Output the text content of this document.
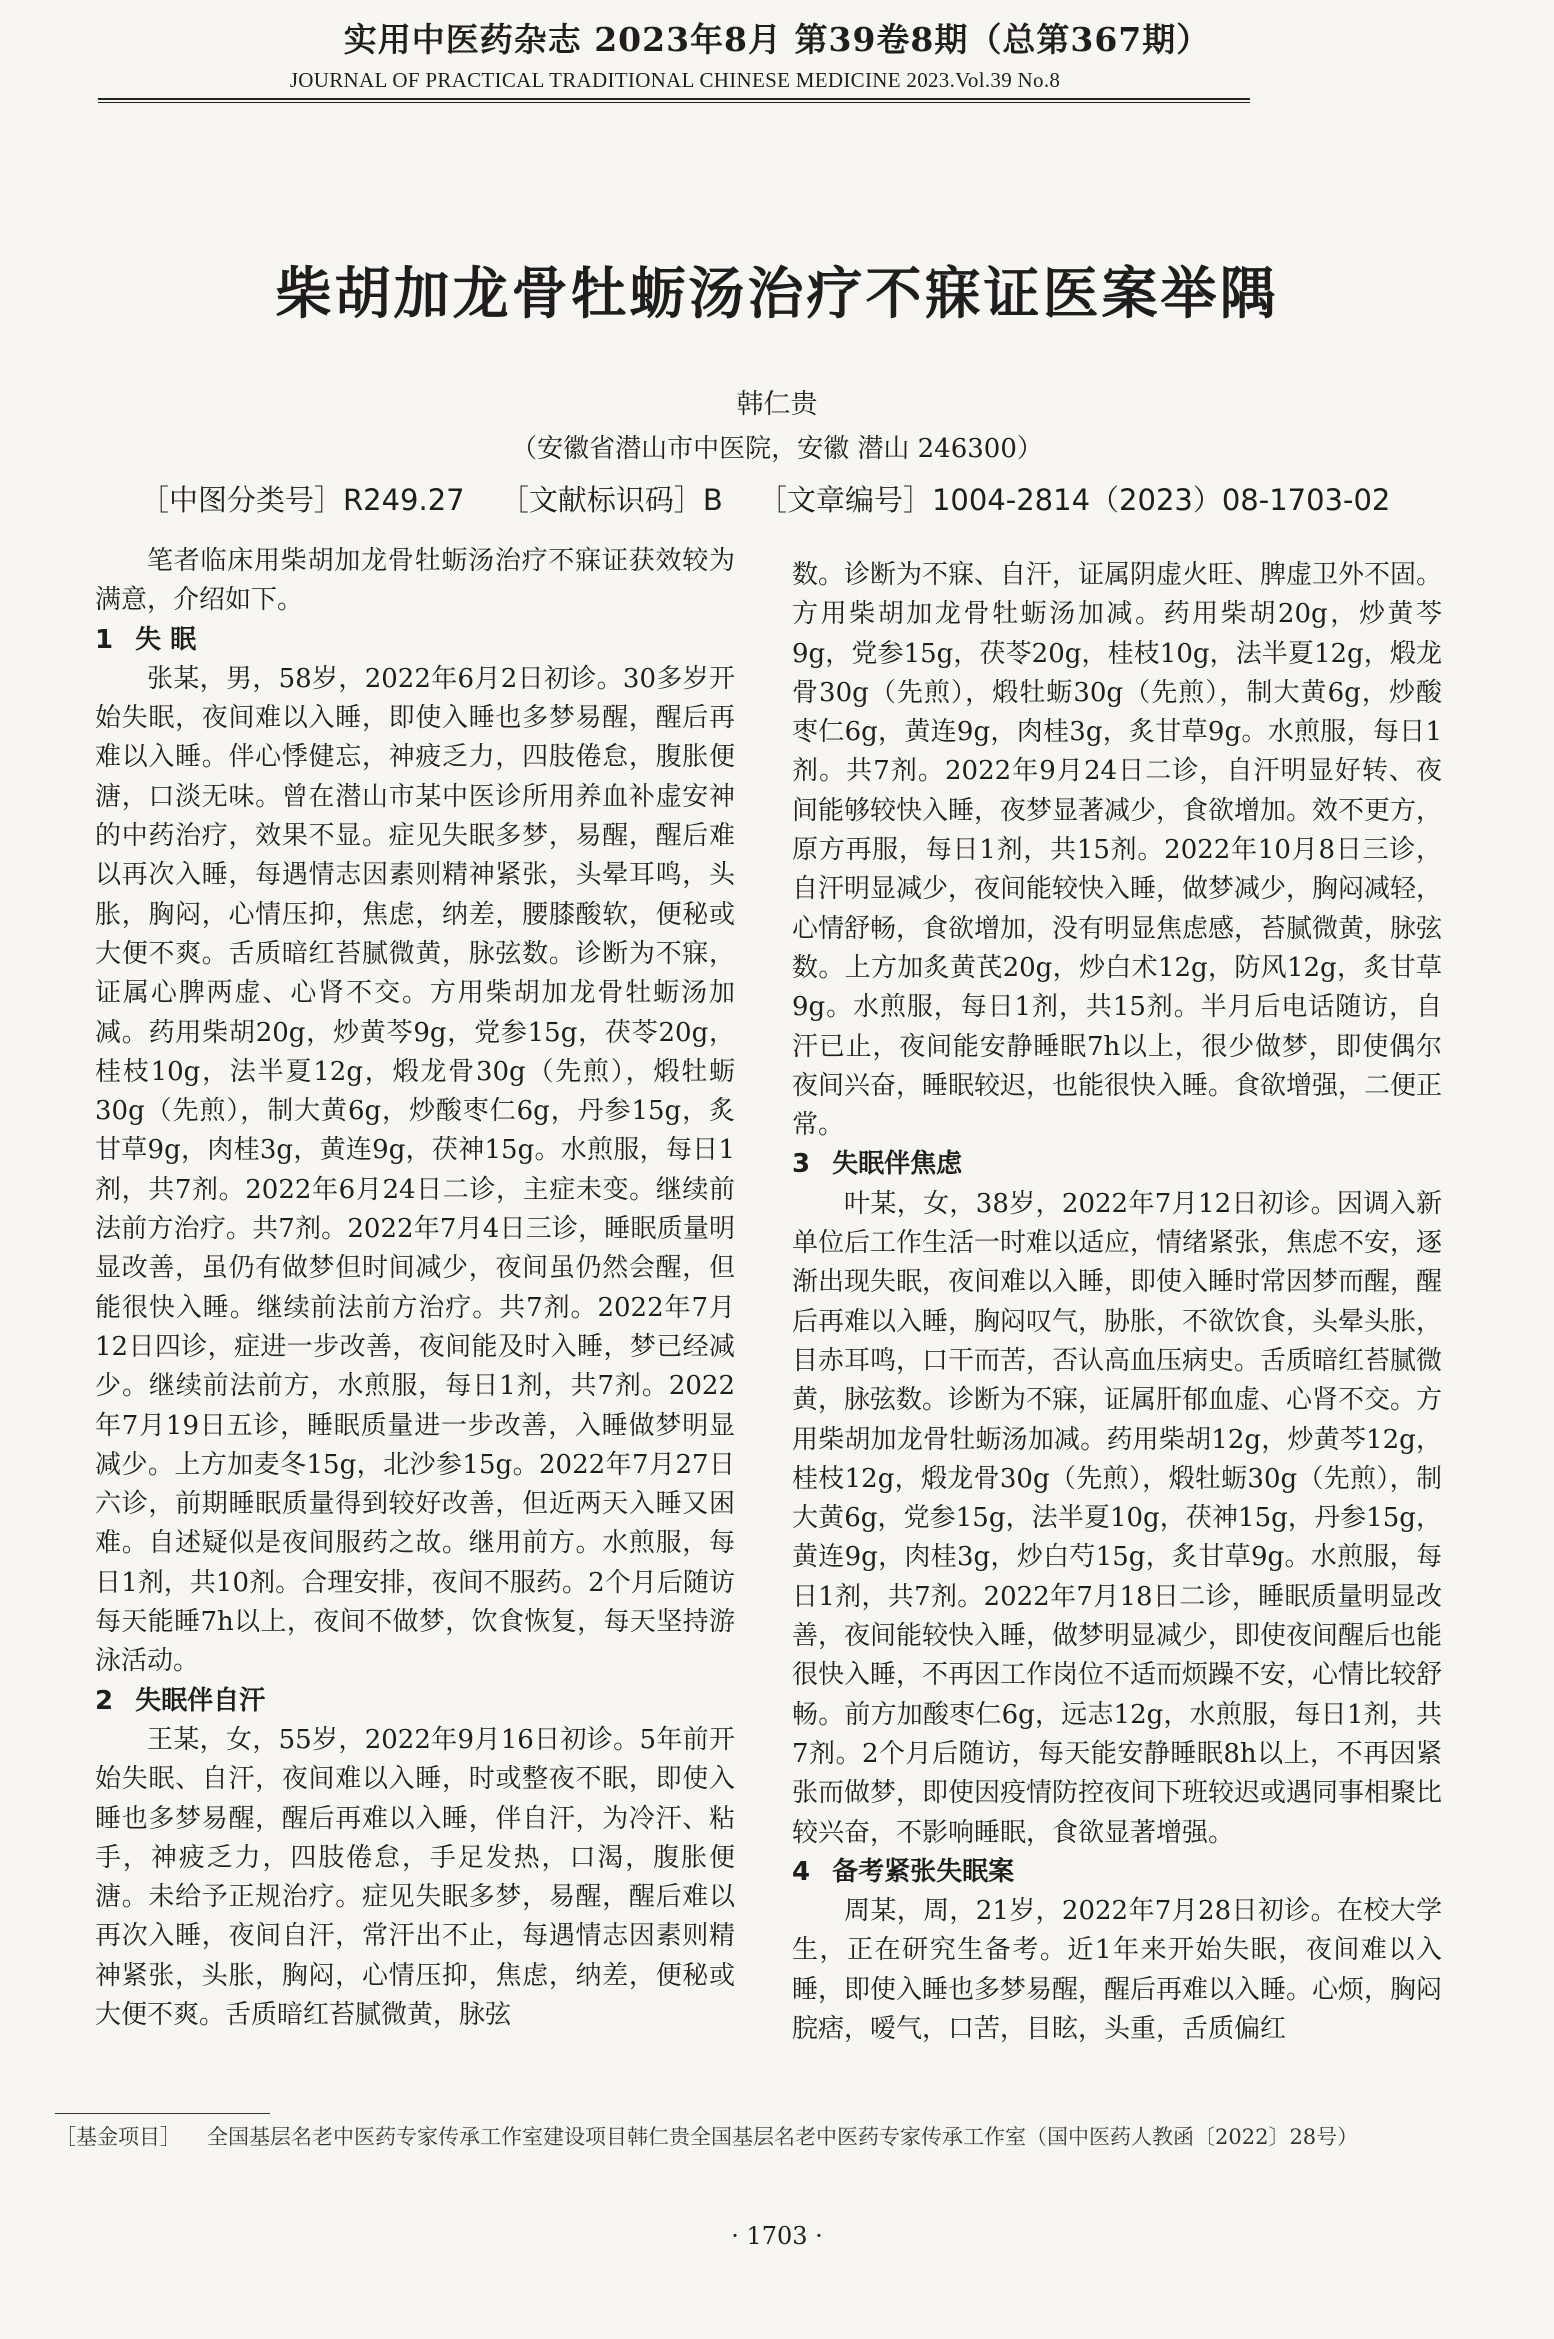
实用中医药杂志 2023年8月 第39卷8期（总第367期）
JOURNAL OF PRACTICAL TRADITIONAL CHINESE MEDICINE 2023.Vol.39 No.8
柴胡加龙骨牡蛎汤治疗不寐证医案举隅
韩仁贵
（安徽省潜山市中医院，安徽 潜山 246300）
［中图分类号］R249.27 ［文献标识码］B ［文章编号］1004-2814（2023）08-1703-02

笔者临床用柴胡加龙骨牡蛎汤治疗不寐证获效较为满意，介绍如下。

1 失 眠

张某，男，58岁，2022年6月2日初诊。30多岁开始失眠，夜间难以入睡，即使入睡也多梦易醒，醒后再难以入睡。伴心悸健忘，神疲乏力，四肢倦怠，腹胀便溏，口淡无味。曾在潜山市某中医诊所用养血补虚安神的中药治疗，效果不显。症见失眠多梦，易醒，醒后难以再次入睡，每遇情志因素则精神紧张，头晕耳鸣，头胀，胸闷，心情压抑，焦虑，纳差，腰膝酸软，便秘或大便不爽。舌质暗红苔腻微黄，脉弦数。诊断为不寐，证属心脾两虚、心肾不交。方用柴胡加龙骨牡蛎汤加减。药用柴胡20g，炒黄芩9g，党参15g，茯苓20g，桂枝10g，法半夏12g，煅龙骨30g（先煎），煅牡蛎30g（先煎），制大黄6g，炒酸枣仁6g，丹参15g，炙甘草9g，肉桂3g，黄连9g，茯神15g。水煎服，每日1剂，共7剂。2022年6月24日二诊，主症未变。继续前法前方治疗。共7剂。2022年7月4日三诊，睡眠质量明显改善，虽仍有做梦但时间减少，夜间虽仍然会醒，但能很快入睡。继续前法前方治疗。共7剂。2022年7月12日四诊，症进一步改善，夜间能及时入睡，梦已经减少。继续前法前方，水煎服，每日1剂，共7剂。2022年7月19日五诊，睡眠质量进一步改善，入睡做梦明显减少。上方加麦冬15g，北沙参15g。2022年7月27日六诊，前期睡眠质量得到较好改善，但近两天入睡又困难。自述疑似是夜间服药之故。继用前方。水煎服，每日1剂，共10剂。合理安排，夜间不服药。2个月后随访每天能睡7h以上，夜间不做梦，饮食恢复，每天坚持游泳活动。

2 失眠伴自汗

王某，女，55岁，2022年9月16日初诊。5年前开始失眠、自汗，夜间难以入睡，时或整夜不眠，即使入睡也多梦易醒，醒后再难以入睡，伴自汗，为冷汗、粘手，神疲乏力，四肢倦怠，手足发热，口渴，腹胀便溏。未给予正规治疗。症见失眠多梦，易醒，醒后难以再次入睡，夜间自汗，常汗出不止，每遇情志因素则精神紧张，头胀，胸闷，心情压抑，焦虑，纳差，便秘或大便不爽。舌质暗红苔腻微黄，脉弦

数。诊断为不寐、自汗，证属阴虚火旺、脾虚卫外不固。方用柴胡加龙骨牡蛎汤加减。药用柴胡20g，炒黄芩9g，党参15g，茯苓20g，桂枝10g，法半夏12g，煅龙骨30g（先煎），煅牡蛎30g（先煎），制大黄6g，炒酸枣仁6g，黄连9g，肉桂3g，炙甘草9g。水煎服，每日1剂。共7剂。2022年9月24日二诊，自汗明显好转、夜间能够较快入睡，夜梦显著减少，食欲增加。效不更方，原方再服，每日1剂，共15剂。2022年10月8日三诊，自汗明显减少，夜间能较快入睡，做梦减少，胸闷减轻，心情舒畅，食欲增加，没有明显焦虑感，苔腻微黄，脉弦数。上方加炙黄芪20g，炒白术12g，防风12g，炙甘草9g。水煎服，每日1剂，共15剂。半月后电话随访，自汗已止，夜间能安静睡眠7h以上，很少做梦，即使偶尔夜间兴奋，睡眠较迟，也能很快入睡。食欲增强，二便正常。

3 失眠伴焦虑

叶某，女，38岁，2022年7月12日初诊。因调入新单位后工作生活一时难以适应，情绪紧张，焦虑不安，逐渐出现失眠，夜间难以入睡，即使入睡时常因梦而醒，醒后再难以入睡，胸闷叹气，胁胀，不欲饮食，头晕头胀，目赤耳鸣，口干而苦，否认高血压病史。舌质暗红苔腻微黄，脉弦数。诊断为不寐，证属肝郁血虚、心肾不交。方用柴胡加龙骨牡蛎汤加减。药用柴胡12g，炒黄芩12g，桂枝12g，煅龙骨30g（先煎），煅牡蛎30g（先煎），制大黄6g，党参15g，法半夏10g，茯神15g，丹参15g，黄连9g，肉桂3g，炒白芍15g，炙甘草9g。水煎服，每日1剂，共7剂。2022年7月18日二诊，睡眠质量明显改善，夜间能较快入睡，做梦明显减少，即使夜间醒后也能很快入睡，不再因工作岗位不适而烦躁不安，心情比较舒畅。前方加酸枣仁6g，远志12g，水煎服，每日1剂，共7剂。2个月后随访，每天能安静睡眠8h以上，不再因紧张而做梦，即使因疫情防控夜间下班较迟或遇同事相聚比较兴奋，不影响睡眠，食欲显著增强。

4 备考紧张失眠案

周某，周，21岁，2022年7月28日初诊。在校大学生，正在研究生备考。近1年来开始失眠，夜间难以入睡，即使入睡也多梦易醒，醒后再难以入睡。心烦，胸闷脘痞，嗳气，口苦，目眩，头重，舌质偏红

［基金项目］ 全国基层名老中医药专家传承工作室建设项目韩仁贵全国基层名老中医药专家传承工作室（国中医药人教函〔2022〕28号）
· 1703 ·
